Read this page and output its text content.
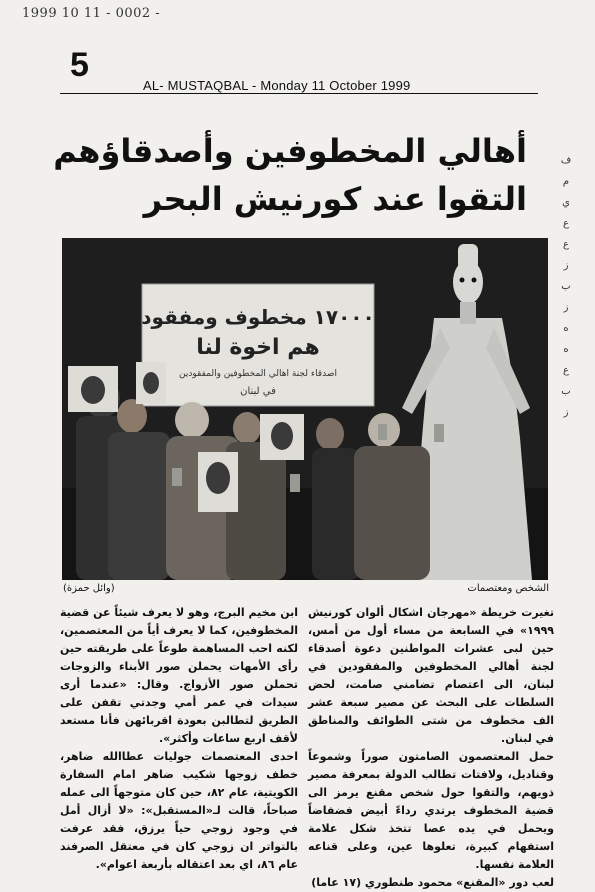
1999 10 11 - 0002 -
5
AL- MUSTAQBAL - Monday 11 October 1999
أهالي المخطوفين وأصدقاؤهم
التقوا عند كورنيش البحر
ف
م
ي
ع
ع
ز
ب
ز
ه
ه
ع
ب
ز
١٧٠٠٠ مخطوف ومفقود
هم اخوة لنا
اصدقاء لجنة اهالي المخطوفين والمفقودين
في لبنان
(وائل حمزة)	الشخص ومعتصمات

تغيرت خريطة «مهرجان اشكال ألوان كورنيش ١٩٩٩» في السابعة من مساء أول من أمس، حين لبى عشرات المواطنين دعوة أصدقاء لجنة أهالي المخطوفين والمفقودين في لبنان، الى اعتصام تضامني صامت، لحض السلطات على البحث عن مصير سبعة عشر الف مخطوف من شتى الطوائف والمناطق في لبنان.

حمل المعتصمون الصامتون صوراً وشموعاً وقناديل، ولافتات تطالب الدولة بمعرفة مصير ذويهم، والتقوا حول شخص مقنع يرمز الى قضية المخطوف يرتدي رداءً أبيض فضفاضاً ويحمل في يده عصا تتخذ شكل علامة استفهام كبيرة، تعلوها عين، وعلى قناعه العلامة نفسها.

لعب دور «المقنع» محمود طنطوري (١٧ عاما)

ابن مخيم البرج، وهو لا يعرف شيئاً عن قضية المخطوفين، كما لا يعرف أياً من المعتصمين، لكنه احب المساهمة طوعاً على طريقته حين رأى الأمهات يحملن صور الأبناء والزوجات تحملن صور الأزواج. وقال: «عندما أرى سيدات في عمر أمي وجدتي تقفن على الطريق لتطالبن بعودة اقربائهن فأنا مستعد لأقف اربع ساعات وأكثر».

احدى المعتصمات جوليات عطاالله ضاهر، خطف زوجها شكيب ضاهر امام السفارة الكويتية، عام ٨٢، حين كان متوجهاً الى عمله صباحاً، قالت لـ«المستقبل»: «لا أزال أمل في وجود زوجي حياً يرزق، فقد عرفت بالتواتر ان زوجي كان في معتقل الصرفند عام ٨٦، اي بعد اعتقاله بأربعة اعوام».
